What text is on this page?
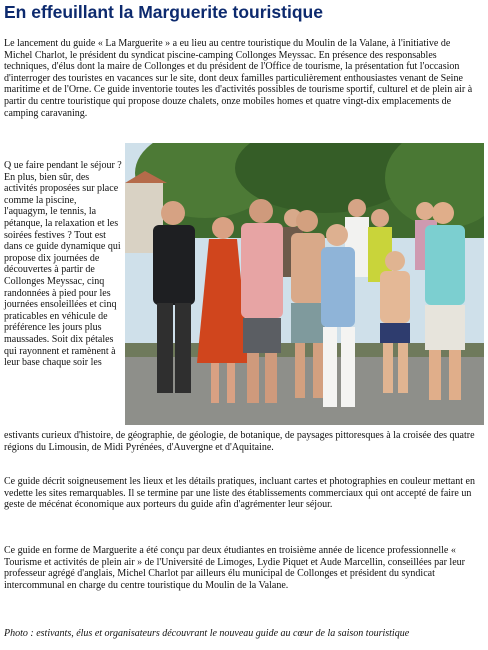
En effeuillant la Marguerite touristique

Le lancement du guide « La Marguerite » a eu lieu au centre touristique du Moulin de la Valane, à l'initiative de Michel Charlot, le président du syndicat piscine-camping Collonges Meyssac. En présence des responsables techniques, d'élus dont la maire de Collonges et du président de l'Office de tourisme, la présentation fut l'occasion d'interroger des touristes en vacances sur le site, dont deux familles particulièrement enthousiastes venant de Seine maritime et de l'Orne. Ce guide inventorie toutes les d'activités possibles de tourisme sportif, culturel et de plein air à partir du centre touristique qui propose douze chalets, onze mobiles homes et quatre vingt-dix emplacements de camping caravaning.

Q ue faire pendant le séjour ? En plus, bien sûr, des activités proposées sur place comme la piscine, l'aquagym, le tennis, la pétanque, la relaxation et les soirées festives ? Tout est dans ce guide dynamique qui propose dix journées de découvertes à partir de Collonges Meyssac, cinq randonnées à pied pour les journées ensoleillées et cinq praticables en véhicule de préférence les jours plus maussades. Soit dix pétales qui rayonnent et ramènent à leur base chaque soir les

estivants curieux d'histoire, de géographie, de géologie, de botanique, de paysages pittoresques à la croisée des quatre régions du Limousin, de Midi Pyrénées, d'Auvergne et d'Aquitaine.

Ce guide décrit soigneusement les lieux et les détails pratiques, incluant cartes et photographies en couleur mettant en vedette les sites remarquables. Il se termine par une liste des établissements commerciaux qui ont accepté de faire un geste de mécénat économique aux porteurs du guide afin d'agrémenter leur séjour.

Ce guide en forme de Marguerite a été conçu par deux étudiantes en troisième année de licence professionnelle « Tourisme et activités de plein air » de l'Université de Limoges, Lydie Piquet et Aude Marcellin, conseillées par leur professeur agrégé d'anglais, Michel Charlot par ailleurs élu municipal de Collonges et président du syndicat intercommunal en charge du centre touristique du Moulin de la Valane.

Photo : estivants, élus et organisateurs découvrant le nouveau guide au cœur de la saison touristique
